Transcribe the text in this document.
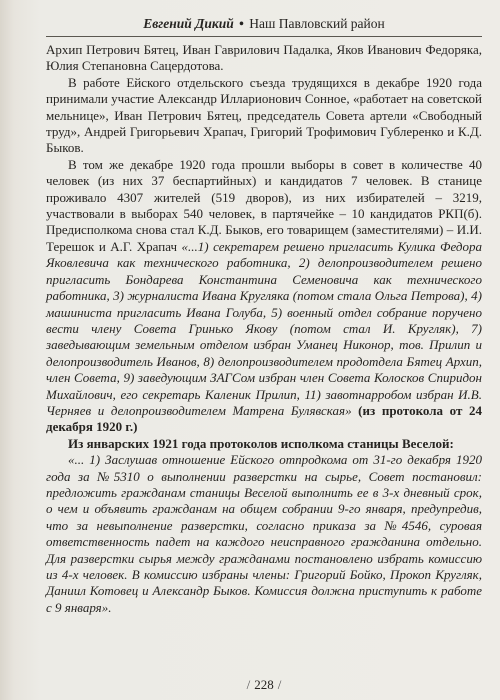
Евгений Дикий • Наш Павловский район

Архип Петрович Бятец, Иван Гаврилович Падалка, Яков Иванович Федоряка, Юлия Степановна Сацердотова.

В работе Ейского отдельского съезда трудящихся в декабре 1920 года принимали участие Александр Илларионович Сонное, «работает на советской мельнице», Иван Петрович Бятец, председатель Совета артели «Свободный труд», Андрей Григорьевич Храпач, Григорий Трофимович Гублеренко и К.Д. Быков.

В том же декабре 1920 года прошли выборы в совет в количестве 40 человек (из них 37 беспартийных) и кандидатов 7 человек. В станице проживало 4307 жителей (519 дворов), из них избирателей – 3219, участвовали в выборах 540 человек, в партячейке – 10 кандидатов РКП(б). Предисполкома снова стал К.Д. Быков, его товарищем (заместителями) – И.И. Терешок и А.Г. Храпач «...1) секретарем решено пригласить Кулика Федора Яковлевича как технического работника, 2) делопроизводителем решено пригласить Бондарева Константина Семеновича как технического работника, 3) журналиста Ивана Кругляка (потом стала Ольга Петрова), 4) машиниста пригласить Ивана Голуба, 5) военный отдел собрание поручено вести члену Совета Гринько Якову (потом стал И. Кругляк), 7) заведывающим земельным отделом избран Уманец Никонор, тов. Прилип и делопроизводитель Иванов, 8) делопроизводителем продотдела Бятец Архип, член Совета, 9) заведующим ЗАГСом избран член Совета Колосков Спиридон Михайлович, его секретарь Каленик Прилип, 11) завотнарробом избран И.В. Черняев и делопроизводителем Матрена Булявская» (из протокола от 24 декабря 1920 г.)

Из январских 1921 года протоколов исполкома станицы Веселой:

«... 1) Заслушав отношение Ейского отпродкома от 31-го декабря 1920 года за №5310 о выполнении разверстки на сырье, Совет постановил: предложить гражданам станицы Веселой выполнить ее в 3-х дневный срок, о чем и объявить гражданам на общем собрании 9-го января, предупредив, что за невыполнение разверстки, согласно приказа за №4546, суровая ответственность падет на каждого неисправного гражданина отдельно. Для разверстки сырья между гражданами постановлено избрать комиссию из 4-х человек. В комиссию избраны члены: Григорий Бойко, Прокоп Кругляк, Даниил Котовец и Александр Быков. Комиссия должна приступить к работе с 9 января».

/ 228 /
